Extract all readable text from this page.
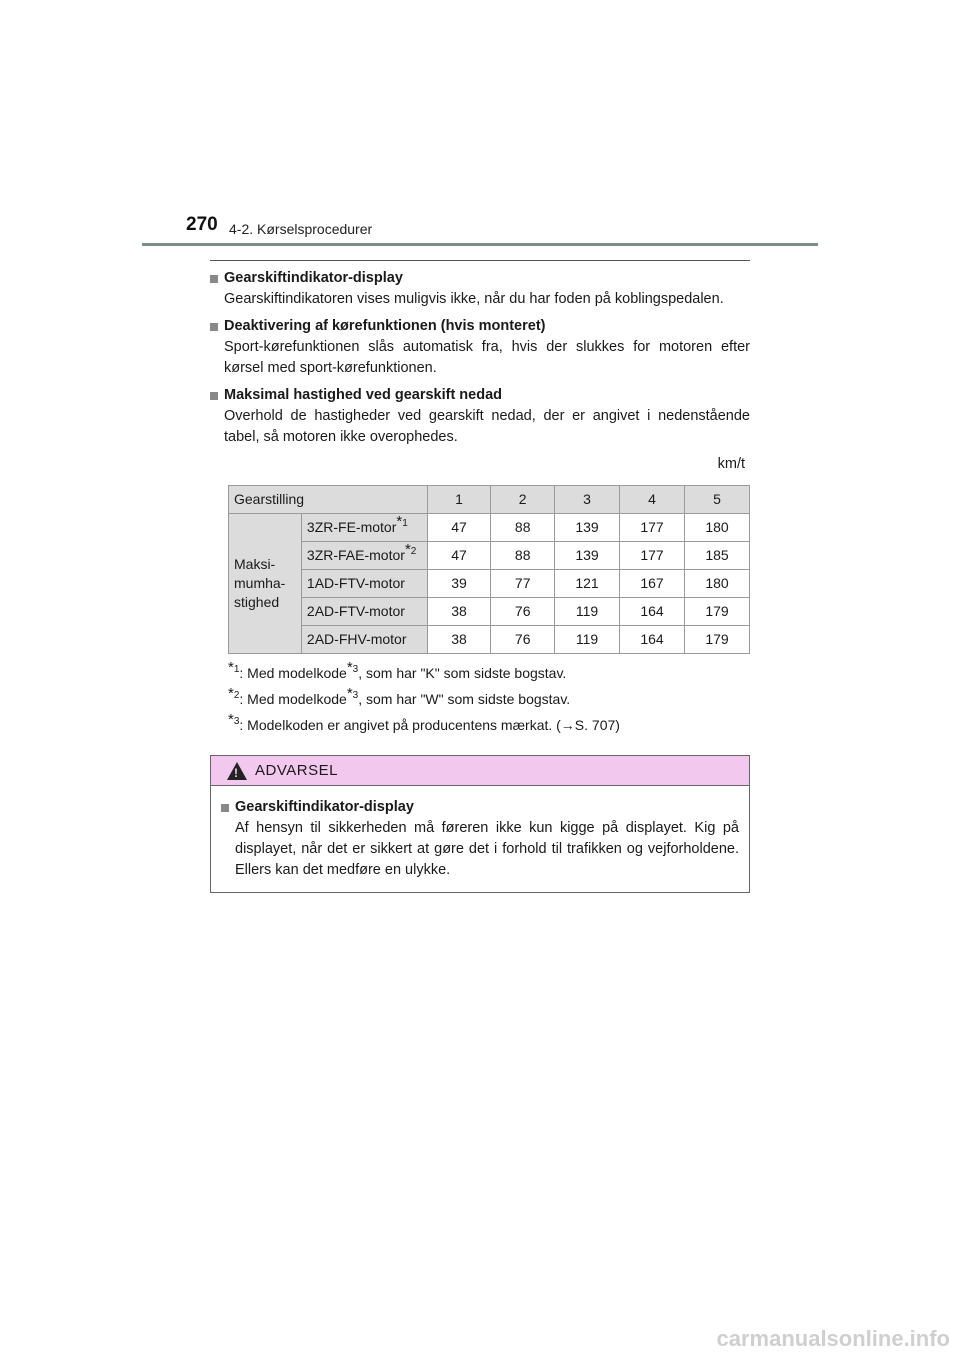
270 4-2. Kørselsprocedurer
Gearskiftindikator-display
Gearskiftindikatoren vises muligvis ikke, når du har foden på koblingspedalen.
Deaktivering af kørefunktionen (hvis monteret)
Sport-kørefunktionen slås automatisk fra, hvis der slukkes for motoren efter kørsel med sport-kørefunktionen.
Maksimal hastighed ved gearskift nedad
Overhold de hastigheder ved gearskift nedad, der er angivet i nedenstående tabel, så motoren ikke overophedes.
km/t
Gearstilling		1	2	3	4	5
Maksi-
mumha-
stighed	3ZR-FE-motor$^{*1}$	47	88	139	177	180
	3ZR-FAE-motor$^{*2}$	47	88	139	177	185
	1AD-FTV-motor	39	77	121	167	180
	2AD-FTV-motor	38	76	119	164	179
	2AD-FHV-motor	38	76	119	164	179
$^{*1}$: Med modelkode$^{*3}$, som har "K" som sidste bogstav.
$^{*2}$: Med modelkode$^{*3}$, som har "W" som sidste bogstav.
$^{*3}$: Modelkoden er angivet på producentens mærkat. (→S. 707)
!
ADVARSEL
Gearskiftindikator-display
Af hensyn til sikkerheden må føreren ikke kun kigge på displayet. Kig på displayet, når det er sikkert at gøre det i forhold til trafikken og vejforholdene. Ellers kan det medføre en ulykke.
carmanualsonline.info
